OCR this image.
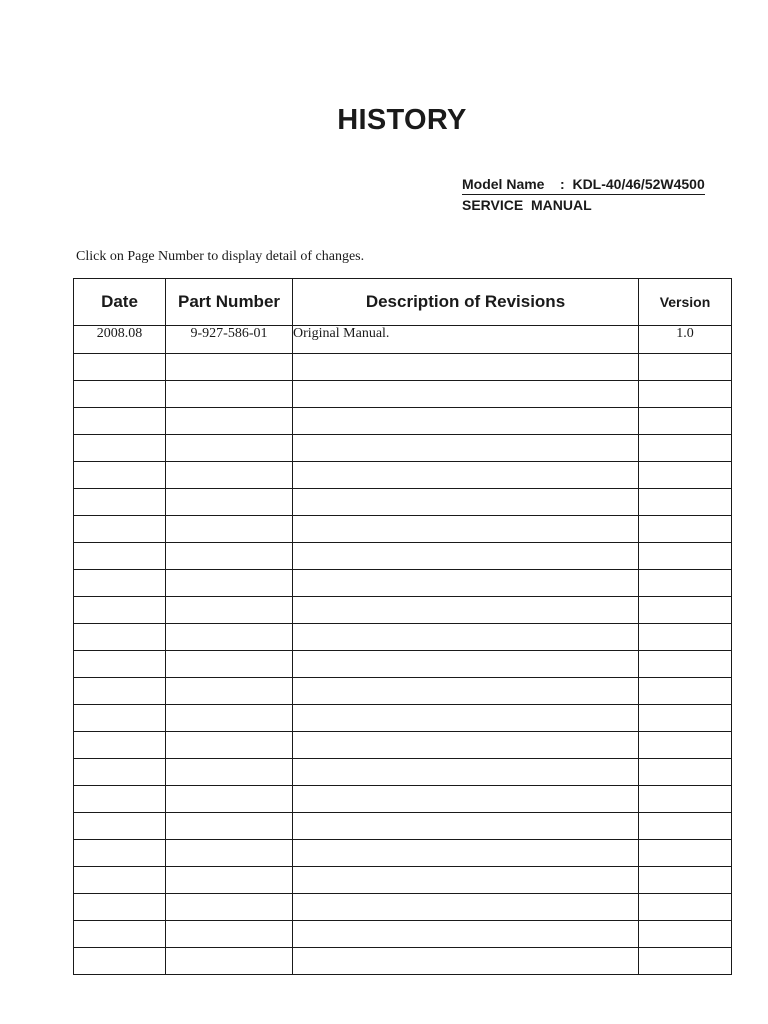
HISTORY
Model Name    :  KDL-40/46/52W4500
SERVICE  MANUAL
Click on Page Number to display detail of changes.
Date	Part Number	Description of Revisions	Version
2008.08	9-927-586-01	Original Manual.	1.0
